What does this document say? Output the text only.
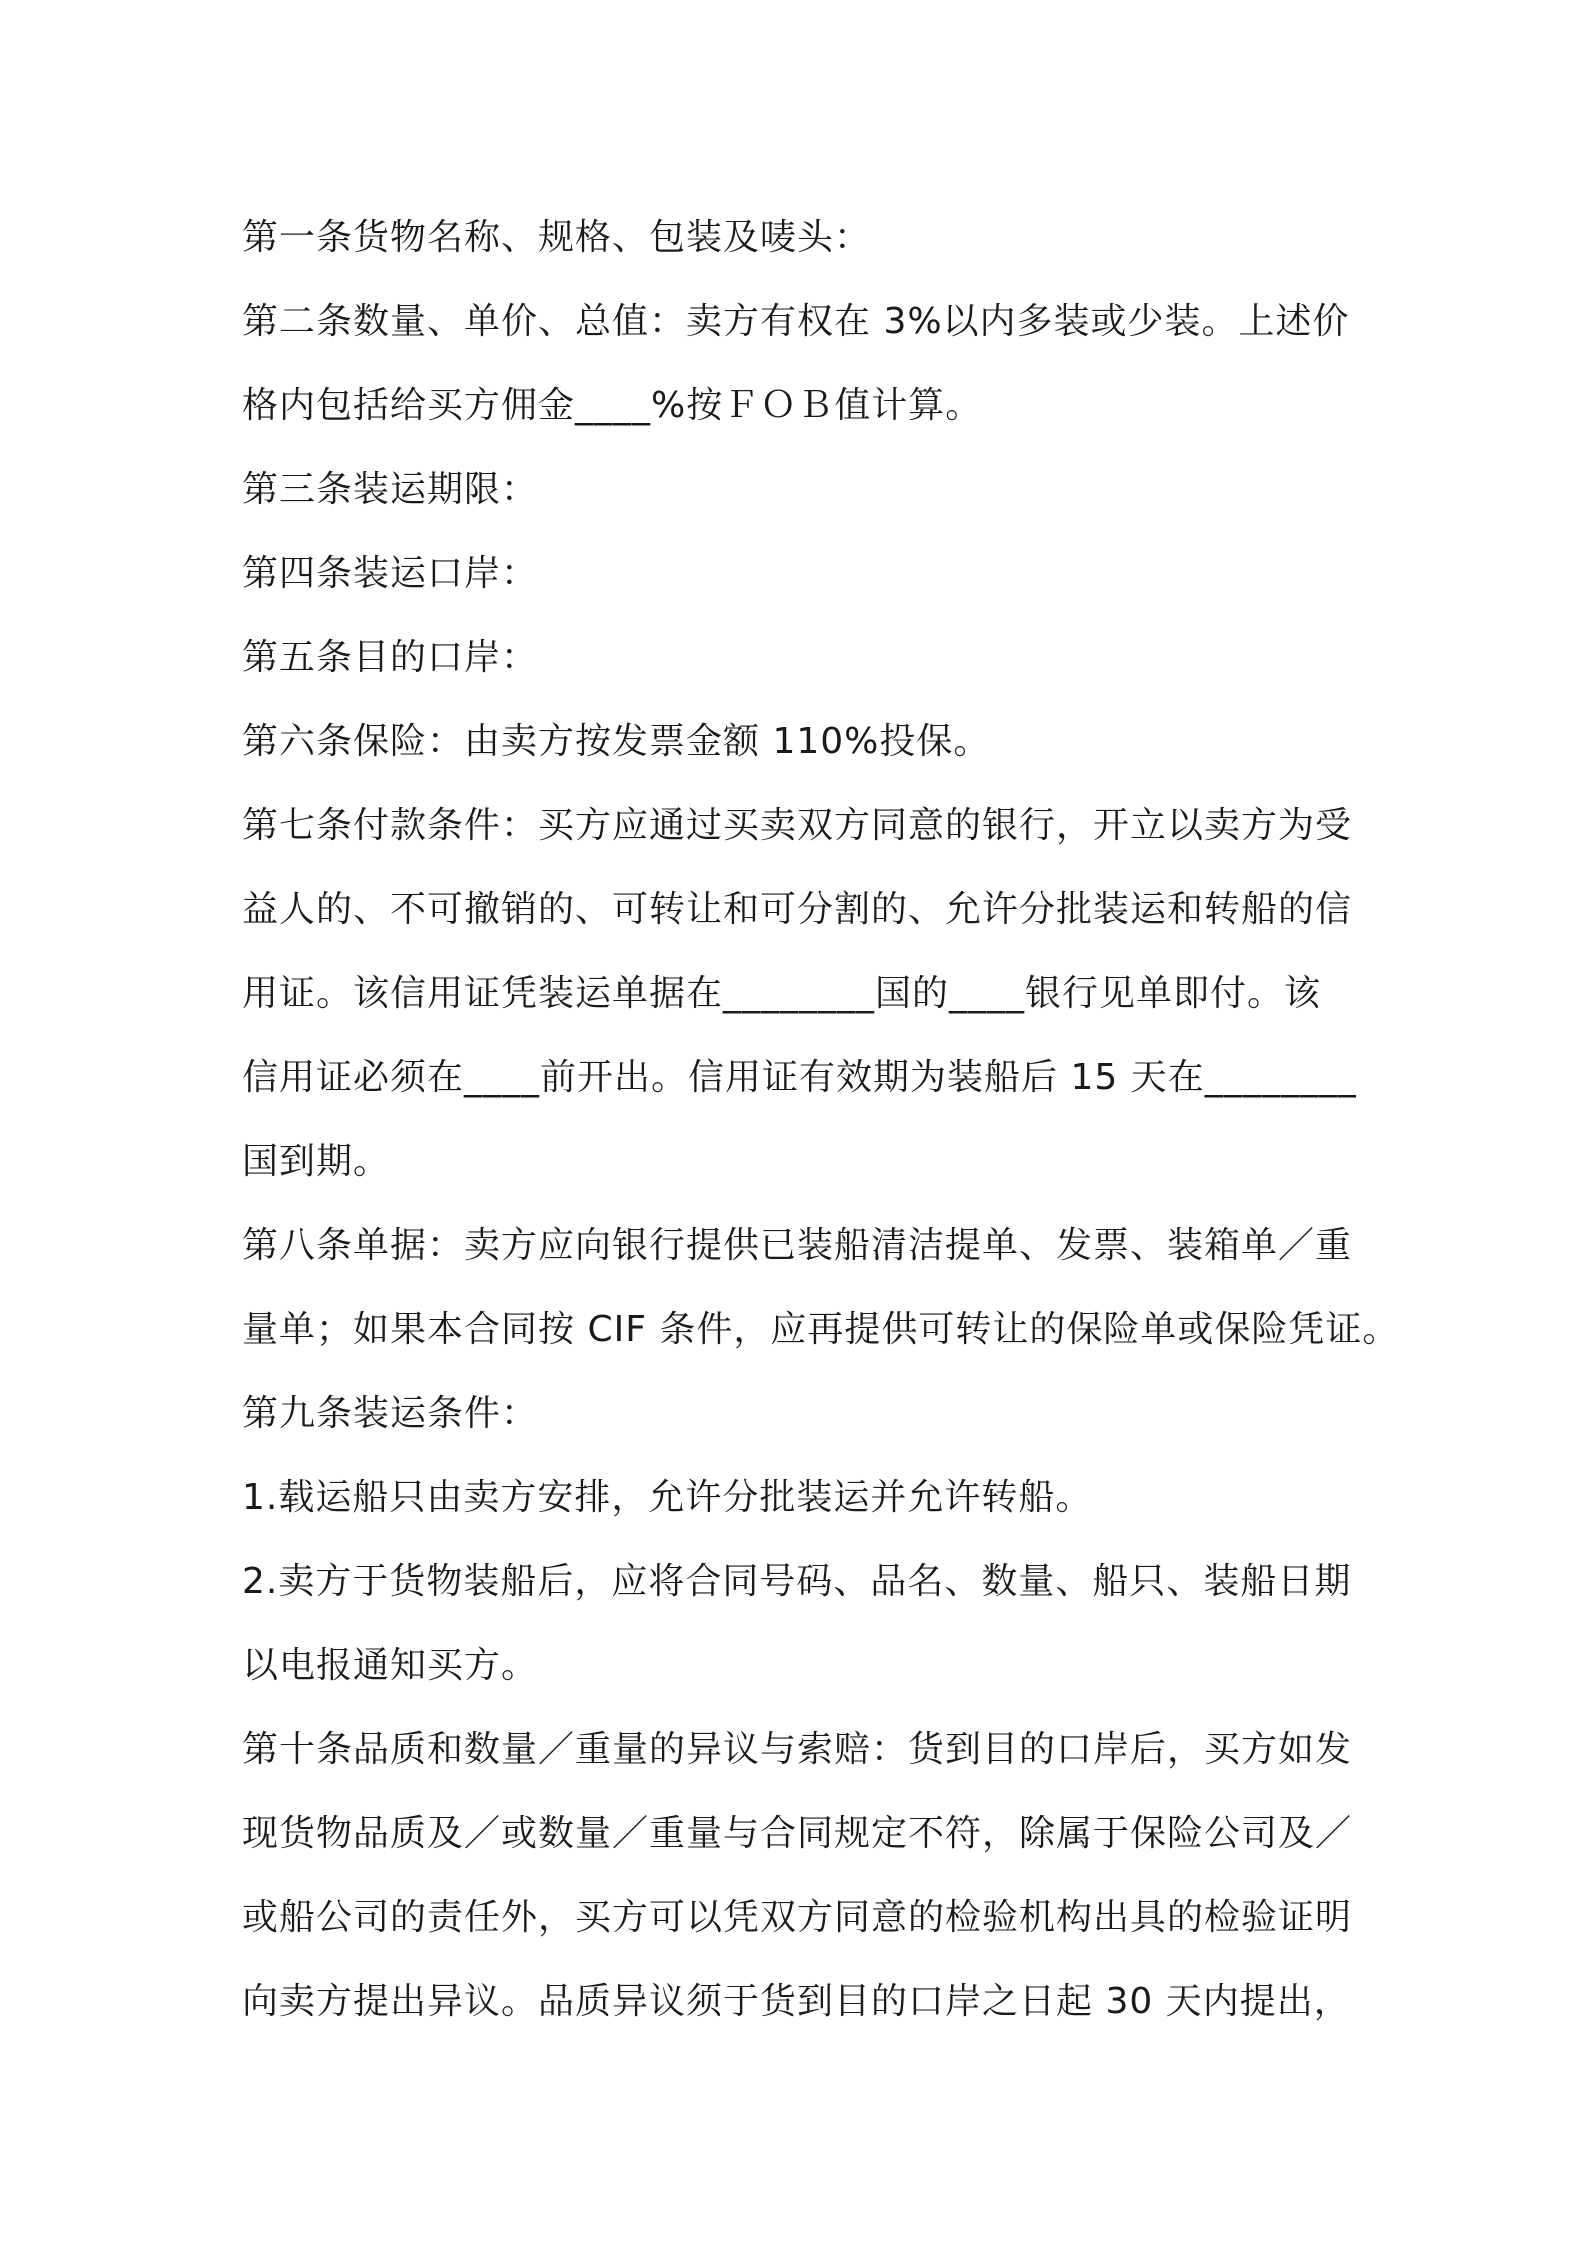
第一条货物名称、规格、包装及唛头：
第二条数量、单价、总值：卖方有权在 3%以内多装或少装。上述价
格内包括给买方佣金____%按ＦＯＢ值计算。
第三条装运期限：
第四条装运口岸：
第五条目的口岸：
第六条保险：由卖方按发票金额 110%投保。
第七条付款条件：买方应通过买卖双方同意的银行，开立以卖方为受
益人的、不可撤销的、可转让和可分割的、允许分批装运和转船的信
用证。该信用证凭装运单据在________国的____银行见单即付。该
信用证必须在____前开出。信用证有效期为装船后 15 天在________
国到期。
第八条单据：卖方应向银行提供已装船清洁提单、发票、装箱单／重
量单；如果本合同按 CIF 条件，应再提供可转让的保险单或保险凭证。
第九条装运条件：
1.载运船只由卖方安排，允许分批装运并允许转船。
2.卖方于货物装船后，应将合同号码、品名、数量、船只、装船日期
以电报通知买方。
第十条品质和数量／重量的异议与索赔：货到目的口岸后，买方如发
现货物品质及／或数量／重量与合同规定不符，除属于保险公司及／
或船公司的责任外，买方可以凭双方同意的检验机构出具的检验证明
向卖方提出异议。品质异议须于货到目的口岸之日起 30 天内提出，
